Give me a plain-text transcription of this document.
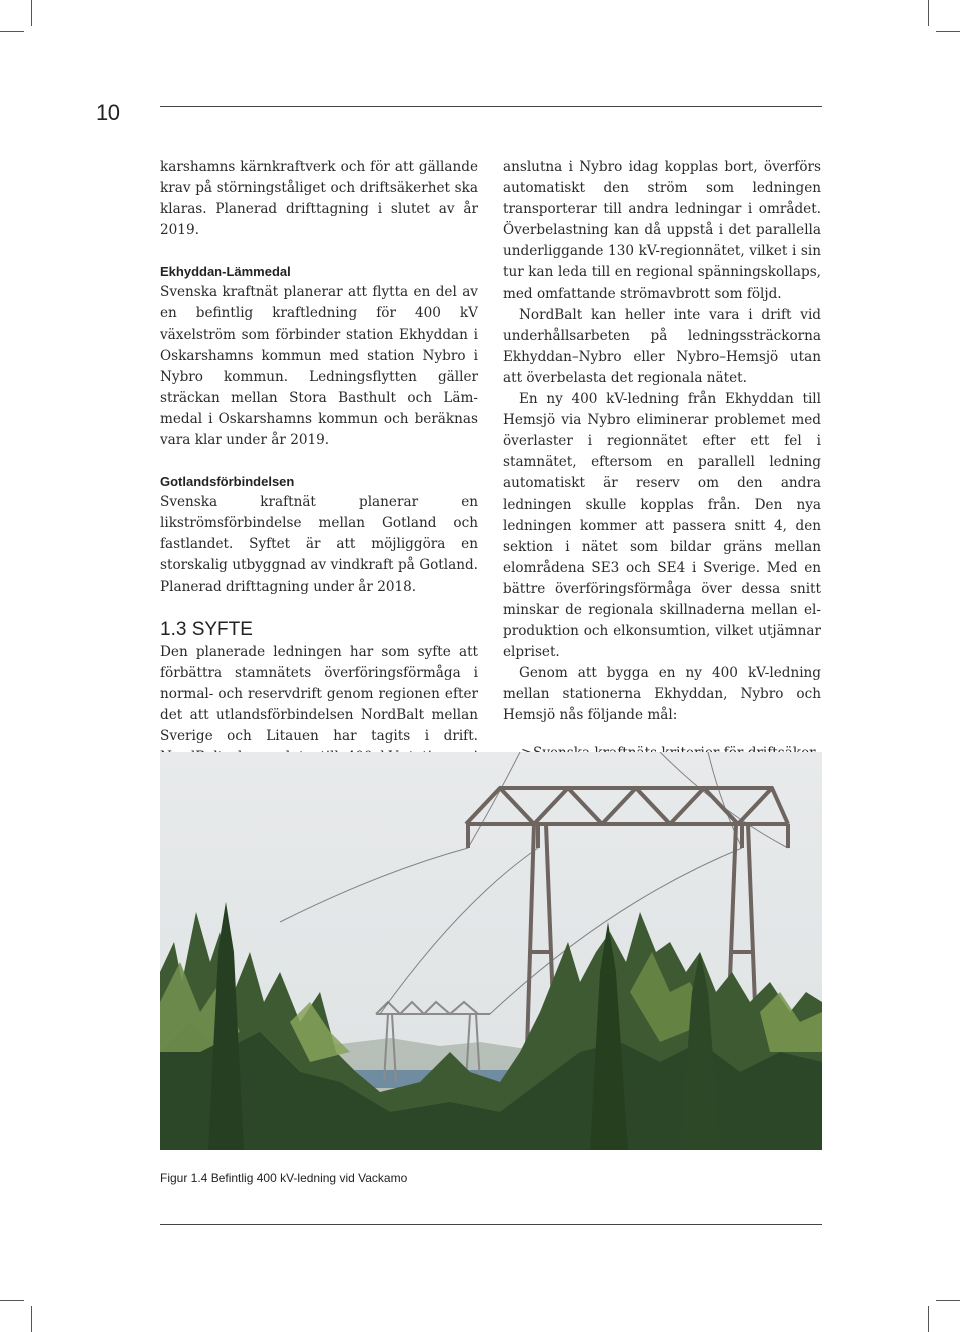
10

karshamns kärnkraftverk och för att gällande krav på störningståliget och driftsäkerhet ska klaras. Planerad drifttagning i slutet av år 2019.

Ekhyddan-Lämmedal

Svenska kraftnät planerar att flytta en del av en befintlig kraftledning för 400 kV växelström som förbinder station Ekhyddan i Oskarshamns kommun med station Nybro i Nybro kommun. Ledningsflytten gäller sträckan mellan Stora Basthult och Lämmedal i Oskarshamns kommun och beräknas vara klar under år 2019.

Gotlandsförbindelsen

Svenska kraftnät planerar en likströmsförbindelse mellan Gotland och fastlandet. Syftet är att möjliggöra en storskalig utbyggnad av vindkraft på Gotland. Planerad drifttagning under år 2018.

1.3 SYFTE

Den planerade ledningen har som syfte att förbättra stamnätets överföringsförmåga i normal- och reservdrift genom regionen efter det att utlandsförbindelsen NordBalt mellan Sverige och Litauen har tagits i drift.

anslutna i Nybro idag kopplas bort, överförs automatiskt den ström som ledningen transporterar till andra ledningar i området. Överbelastning kan då uppstå i det parallella underliggande 130 kV-regionnätet, vilket i sin tur kan leda till en regional spänningskollaps, med omfattande strömavbrott som följd.

NordBalt kan heller inte vara i drift vid underhållsarbeten på ledningssträckorna Ekhyddan–Nybro eller Nybro–Hemsjö utan att överbelasta det regionala nätet.

En ny 400 kV-ledning från Ekhyddan till Hemsjö via Nybro eliminerar problemet med överlaster i regionnätet efter ett fel i stamnätet, eftersom en parallell ledning automatiskt är reserv om den andra ledningen skulle kopplas från. Den nya ledningen kommer att passera snitt 4, den sektion i nätet som bildar gräns mellan elområdena SE3 och SE4 i Sverige. Med en bättre överföringsförmåga över dessa snitt minskar de regionala skillnaderna mellan elproduktion och elkonsumtion, vilket utjämnar elpriset.

Genom att bygga en ny 400 kV-ledning mellan stationerna Ekhyddan, Nybro och Hemsjö nås följande mål:

Figur 1.4 Befintlig 400 kV-ledning vid Vackamo
